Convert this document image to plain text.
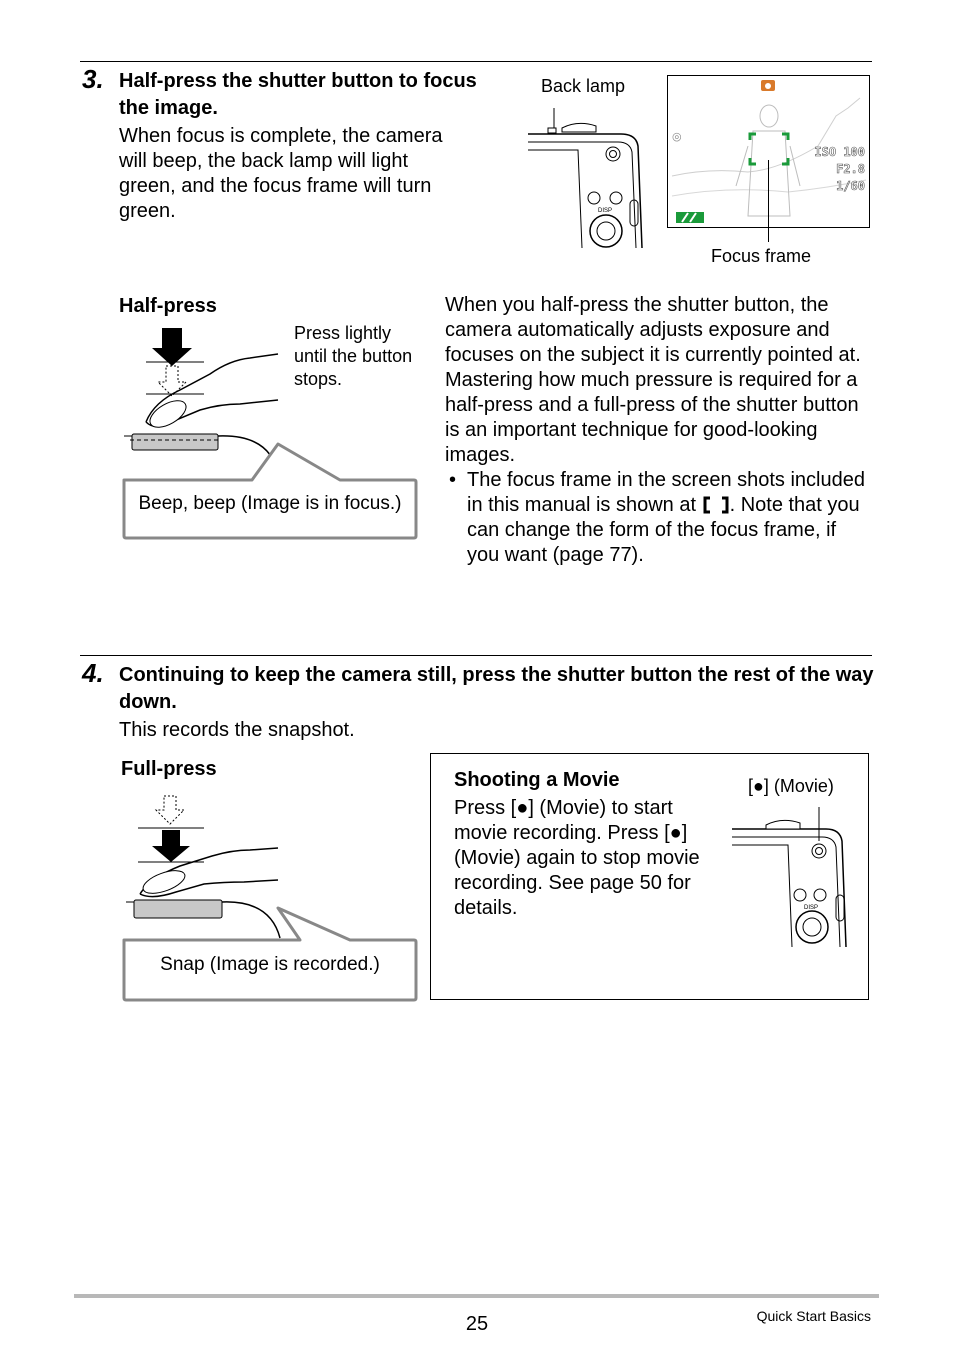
3. Half-press the shutter button to focus the image.
When focus is complete, the camera will beep, the back lamp will light green, and the focus frame will turn green.
Back lamp
DISP
◎
ISO 100
F2.8
1/60
Focus frame
Half-press
Press lightly until the button stops.
Beep, beep (Image is in focus.)
When you half-press the shutter button, the camera automatically adjusts exposure and focuses on the subject it is currently pointed at. Mastering how much pressure is required for a half-press and a full-press of the shutter button is an important technique for good-looking images.
• The focus frame in the screen shots included in this manual is shown at . Note that you can change the form of the focus frame, if you want (page 77).
4. Continuing to keep the camera still, press the shutter button the rest of the way down.
This records the snapshot.
Full-press
Snap (Image is recorded.)
Shooting a Movie
Press [●] (Movie) to start movie recording. Press [●] (Movie) again to stop movie recording. See page 50 for details.
[●] (Movie)
DISP
25	Quick Start Basics
